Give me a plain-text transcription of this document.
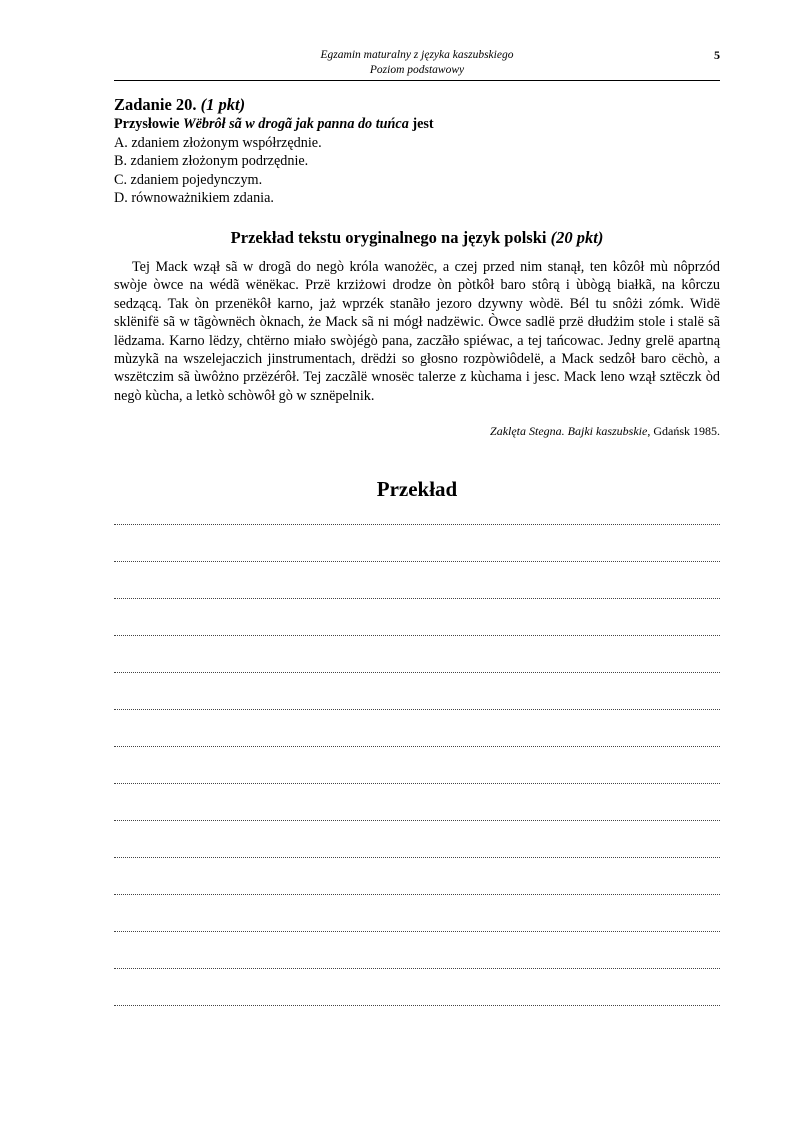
Egzamin maturalny z języka kaszubskiego
Poziom podstawowy
5
Zadanie 20. (1 pkt)
Przysłowie Wëbrôł sã w drogã jak panna do tuńca jest
A. zdaniem złożonym współrzędnie.
B. zdaniem złożonym podrzędnie.
C. zdaniem pojedynczym.
D. równoważnikiem zdania.
Przekład tekstu oryginalnego na język polski (20 pkt)

Tej Mack wzął sã w drogã do negò króla wanożëc, a czej przed nim stanął, ten kôzôł mù nôprzód swòje òwce na wédã wënëkac. Przë krziżowi drodze òn pòtkôł baro stôrą i ùbògą białkã, na kôrczu sedzącą. Tak òn przenëkôł karno, jaż wprzék stanãło jezoro dzywny wòdë. Bél tu snôżi zómk. Widë sklënifë sã w tãgòwnëch òknach, że Mack sã ni mógł nadzëwic. Òwce sadlë przë dłudżim stole i stalë sã lëdzama. Karno lëdzy, chtërno miało swòjégò pana, zaczãło spiéwac, a tej tańcowac. Jedny grelë apartną mùzykã na wszelejaczich jinstrumentach, drëdżi so głosno rozpòwiôdelë, a Mack sedzôł baro cëchò, a wszëtczim sã ùwôżno przëzérôł. Tej zaczãlë wnosëc talerze z kùchama i jesc. Mack leno wzął sztëczk òd negò kùcha, a letkò schòwôł gò w sznëpelnik.

Zaklęta Stegna. Bajki kaszubskie, Gdańsk 1985.
Przekład
